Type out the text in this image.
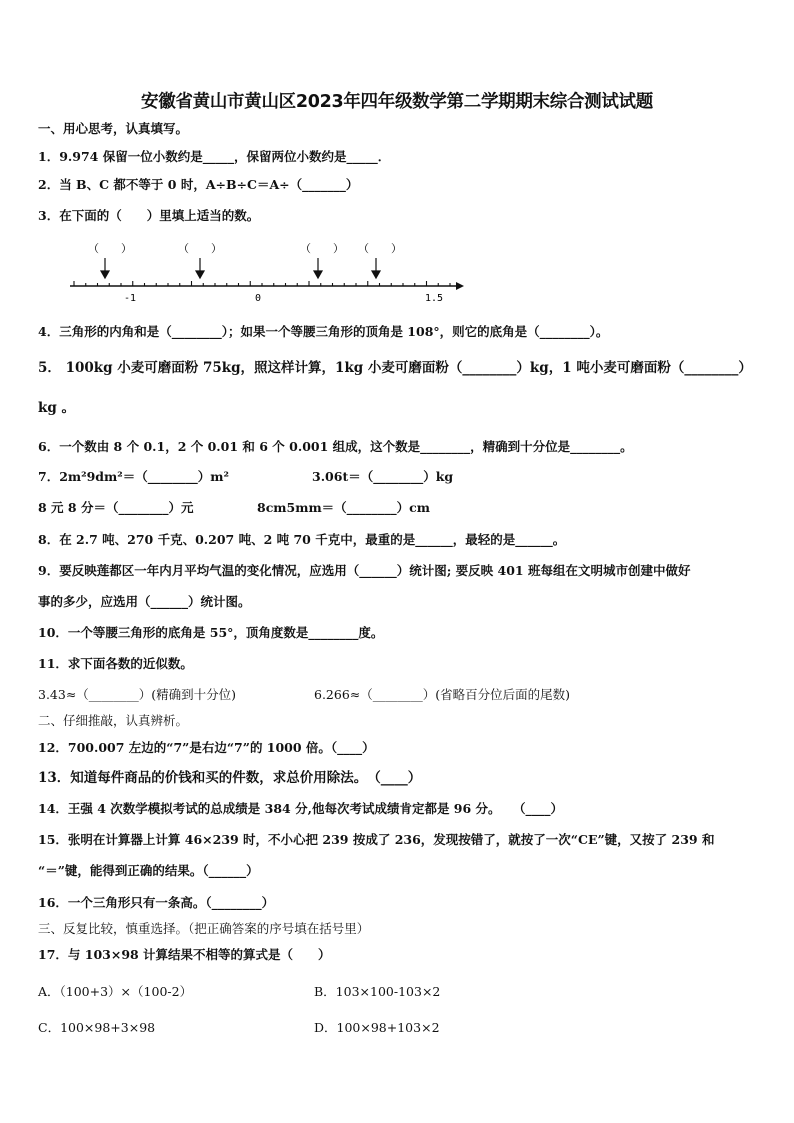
安徽省黄山市黄山区2023年四年级数学第二学期期末综合测试试题
一、用心思考，认真填写。
1．9.974 保留一位小数约是_____，保留两位小数约是_____．
2．当 B、C 都不等于 0 时，A÷B÷C＝A÷（_______）
3．在下面的（　　）里填上适当的数。
（　　）	（　　）	（　　） （　　）
-1	0	1.5
4．三角形的内角和是（________）；如果一个等腰三角形的顶角是 108°，则它的底角是（________）。
5． 100kg 小麦可磨面粉 75kg，照这样计算，1kg 小麦可磨面粉（________）kg，1 吨小麦可磨面粉（________）
kg 。
6．一个数由 8 个 0.1，2 个 0.01 和 6 个 0.001 组成，这个数是________，精确到十分位是________。
7．2m²9dm²＝（________）m²	3.06t＝（________）kg
8 元 8 分＝（________）元	8cm5mm＝（________）cm
8．在 2.7 吨、270 千克、0.207 吨、2 吨 70 千克中，最重的是______，最轻的是______。
9．要反映莲都区一年内月平均气温的变化情况，应选用（______）统计图; 要反映 401 班每组在文明城市创建中做好
事的多少，应选用（______）统计图。
10．一个等腰三角形的底角是 55°，顶角度数是________度。
11．求下面各数的近似数。
3.43≈（________）(精确到十分位)	6.266≈（________）(省略百分位后面的尾数)
二、仔细推敲，认真辨析。
12．700.007 左边的“7”是右边“7”的 1000 倍。（____）
13．知道每件商品的价钱和买的件数，求总价用除法。　（____）
14．王强 4 次数学模拟考试的总成绩是 384 分,他每次考试成绩肯定都是 96 分。　　（____）
15．张明在计算器上计算 46×239 时，不小心把 239 按成了 236，发现按错了，就按了一次“CE”键，又按了 239 和
“＝”键，能得到正确的结果。（______）
16．一个三角形只有一条高。（________）
三、反复比较，慎重选择。（把正确答案的序号填在括号里）
17．与 103×98 计算结果不相等的算式是（　　）
A．（100+3）×（100-2）	B．103×100-103×2
C．100×98+3×98	D．100×98+103×2
